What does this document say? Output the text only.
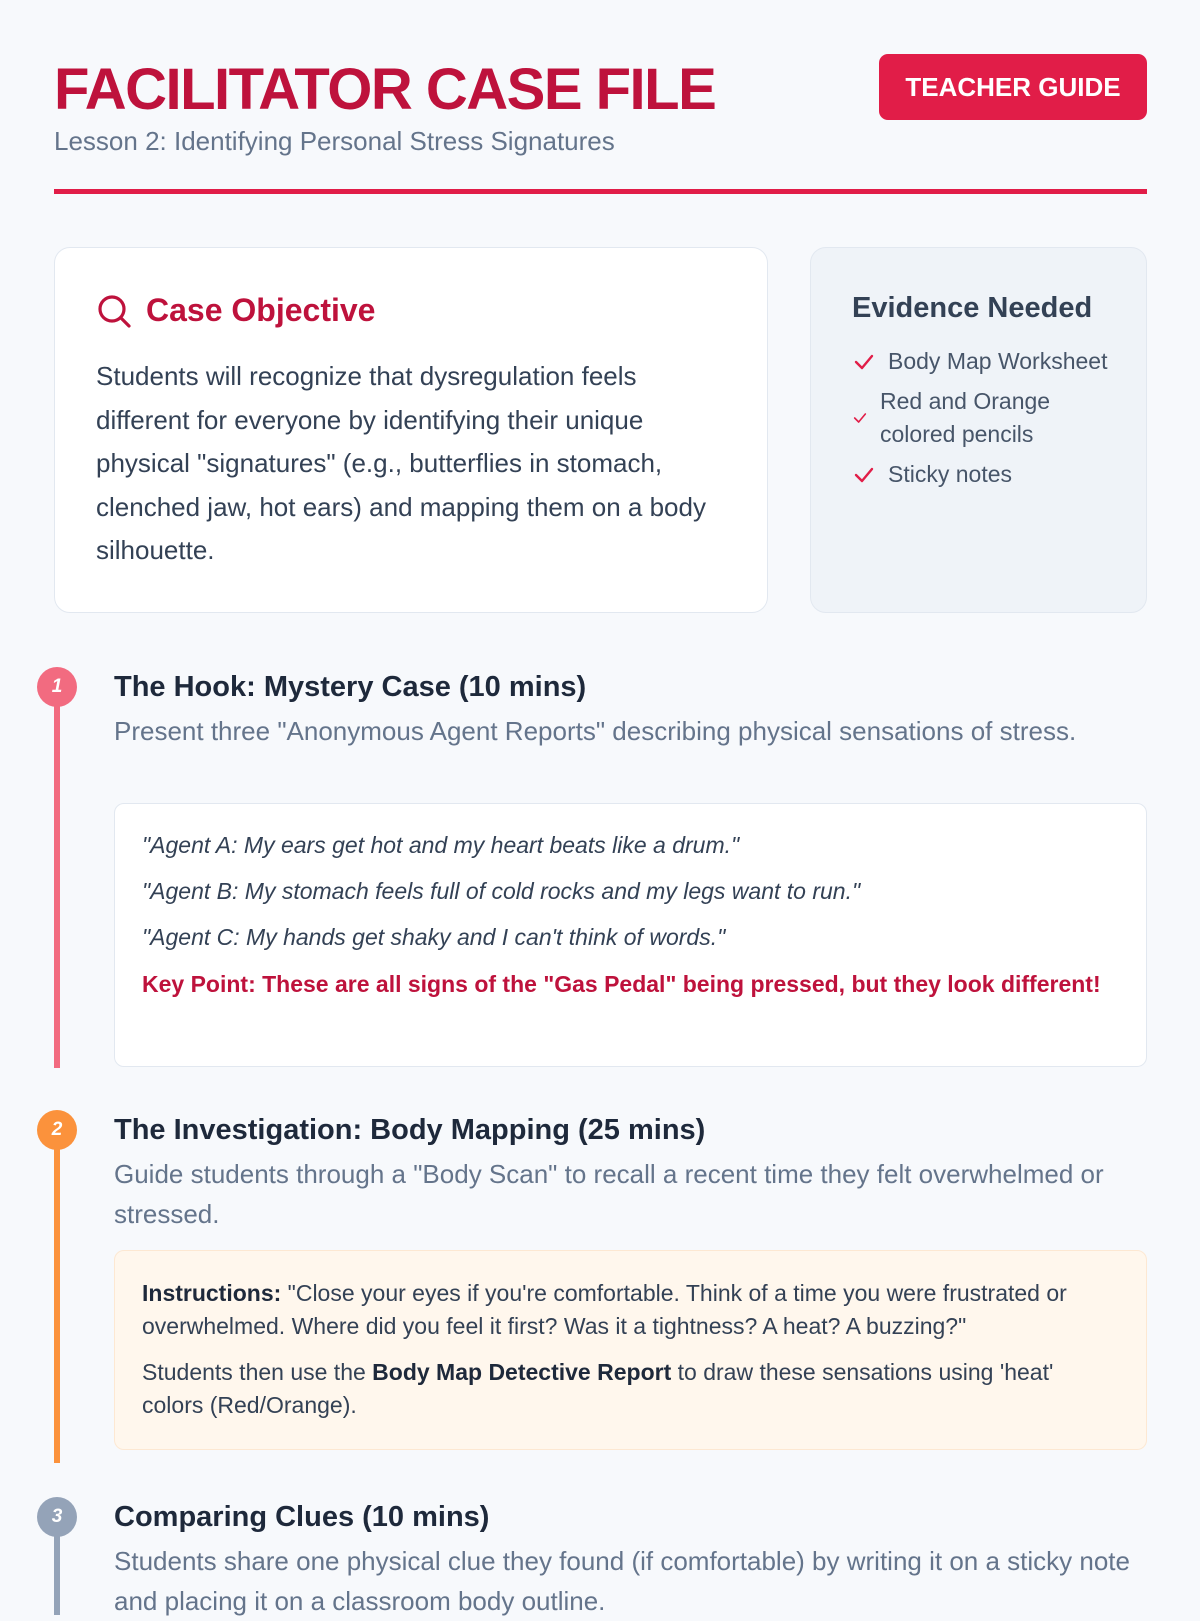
FACILITATOR CASE FILE
Lesson 2: Identifying Personal Stress Signatures
TEACHER GUIDE
Case Objective

Students will recognize that dysregulation feels different for everyone by identifying their unique physical "signatures" (e.g., butterflies in stomach, clenched jaw, hot ears) and mapping them on a body silhouette.

Evidence Needed
Body Map Worksheet
Red and Orange colored pencils
Sticky notes
1	The Hook: Mystery Case (10 mins)
Present three "Anonymous Agent Reports" describing physical sensations of stress.

"Agent A: My ears get hot and my heart beats like a drum."

"Agent B: My stomach feels full of cold rocks and my legs want to run."

"Agent C: My hands get shaky and I can't think of words."

Key Point: These are all signs of the "Gas Pedal" being pressed, but they look different!

2	The Investigation: Body Mapping (25 mins)
Guide students through a "Body Scan" to recall a recent time they felt overwhelmed or stressed.

Instructions: "Close your eyes if you're comfortable. Think of a time you were frustrated or overwhelmed. Where did you feel it first? Was it a tightness? A heat? A buzzing?"

Students then use the Body Map Detective Report to draw these sensations using 'heat' colors (Red/Orange).

3	Comparing Clues (10 mins)
Students share one physical clue they found (if comfortable) by writing it on a sticky note and placing it on a classroom body outline.
